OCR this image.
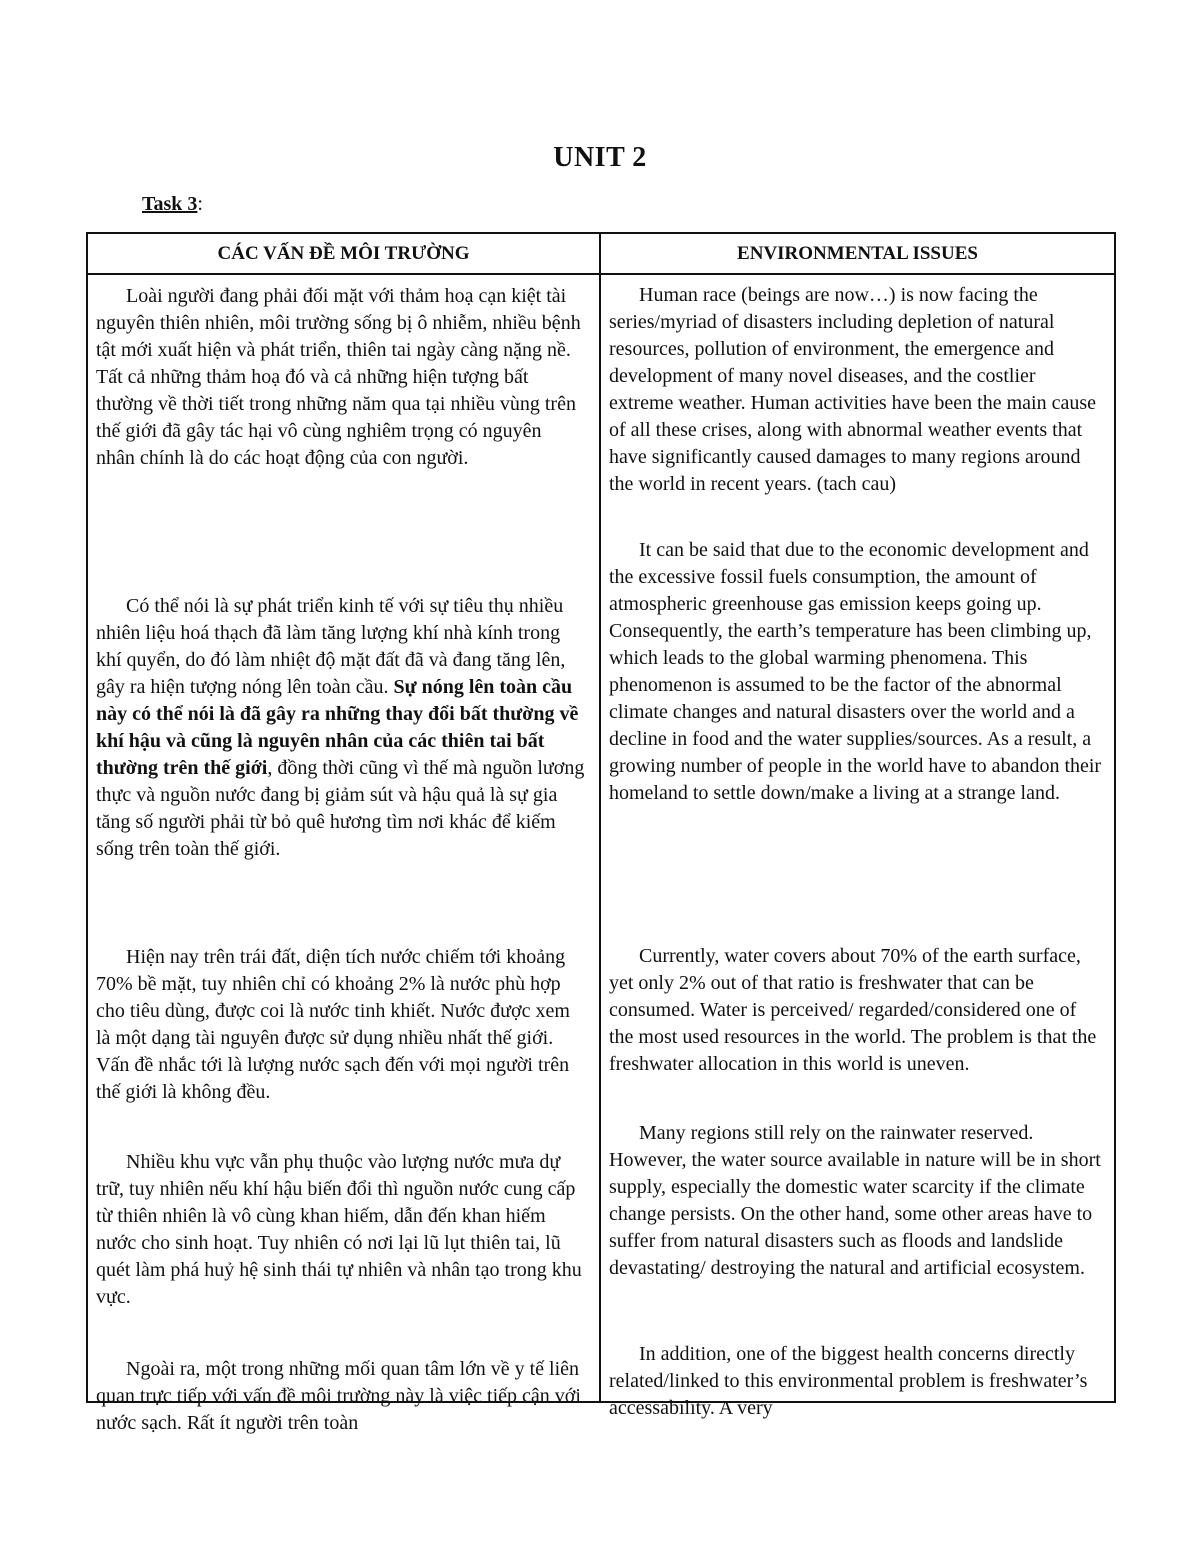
UNIT 2
Task 3:
CÁC VẤN ĐỀ MÔI TRƯỜNG	ENVIRONMENTAL ISSUES

Loài người đang phải đối mặt với thảm hoạ cạn kiệt tài nguyên thiên nhiên, môi trường sống bị ô nhiễm, nhiều bệnh tật mới xuất hiện và phát triển, thiên tai ngày càng nặng nề. Tất cả những thảm hoạ đó và cả những hiện tượng bất thường về thời tiết trong những năm qua tại nhiều vùng trên thế giới đã gây tác hại vô cùng nghiêm trọng có nguyên nhân chính là do các hoạt động của con người.

Có thể nói là sự phát triển kinh tế với sự tiêu thụ nhiều nhiên liệu hoá thạch đã làm tăng lượng khí nhà kính trong khí quyển, do đó làm nhiệt độ mặt đất đã và đang tăng lên, gây ra hiện tượng nóng lên toàn cầu. Sự nóng lên toàn cầu này có thể nói là đã gây ra những thay đổi bất thường về khí hậu và cũng là nguyên nhân của các thiên tai bất thường trên thế giới, đồng thời cũng vì thế mà nguồn lương thực và nguồn nước đang bị giảm sút và hậu quả là sự gia tăng số người phải từ bỏ quê hương tìm nơi khác để kiếm sống trên toàn thế giới.

Hiện nay trên trái đất, diện tích nước chiếm tới khoảng 70% bề mặt, tuy nhiên chỉ có khoảng 2% là nước phù hợp cho tiêu dùng, được coi là nước tinh khiết. Nước được xem là một dạng tài nguyên được sử dụng nhiều nhất thế giới. Vấn đề nhắc tới là lượng nước sạch đến với mọi người trên thế giới là không đều.

Nhiều khu vực vẫn phụ thuộc vào lượng nước mưa dự trữ, tuy nhiên nếu khí hậu biến đổi thì nguồn nước cung cấp từ thiên nhiên là vô cùng khan hiếm, dẫn đến khan hiếm nước cho sinh hoạt. Tuy nhiên có nơi lại lũ lụt thiên tai, lũ quét làm phá huỷ hệ sinh thái tự nhiên và nhân tạo trong khu vực.

Ngoài ra, một trong những mối quan tâm lớn về y tế liên quan trực tiếp với vấn đề môi trường này là việc tiếp cận với nước sạch. Rất ít người trên toàn

Human race (beings are now…) is now facing the series/myriad of disasters including depletion of natural resources, pollution of environment, the emergence and development of many novel diseases, and the costlier extreme weather. Human activities have been the main cause of all these crises, along with abnormal weather events that have significantly caused damages to many regions around the world in recent years. (tach cau)

It can be said that due to the economic development and the excessive fossil fuels consumption, the amount of atmospheric greenhouse gas emission keeps going up. Consequently, the earth’s temperature has been climbing up, which leads to the global warming phenomena. This phenomenon is assumed to be the factor of the abnormal climate changes and natural disasters over the world and a decline in food and the water supplies/sources. As a result, a growing number of people in the world have to abandon their homeland to settle down/make a living at a strange land.

Currently, water covers about 70% of the earth surface, yet only 2% out of that ratio is freshwater that can be consumed. Water is perceived/ regarded/considered one of the most used resources in the world. The problem is that the freshwater allocation in this world is uneven.

Many regions still rely on the rainwater reserved. However, the water source available in nature will be in short supply, especially the domestic water scarcity if the climate change persists. On the other hand, some other areas have to suffer from natural disasters such as floods and landslide devastating/ destroying the natural and artificial ecosystem.

In addition, one of the biggest health concerns directly related/linked to this environmental problem is freshwater’s accessability. A very
